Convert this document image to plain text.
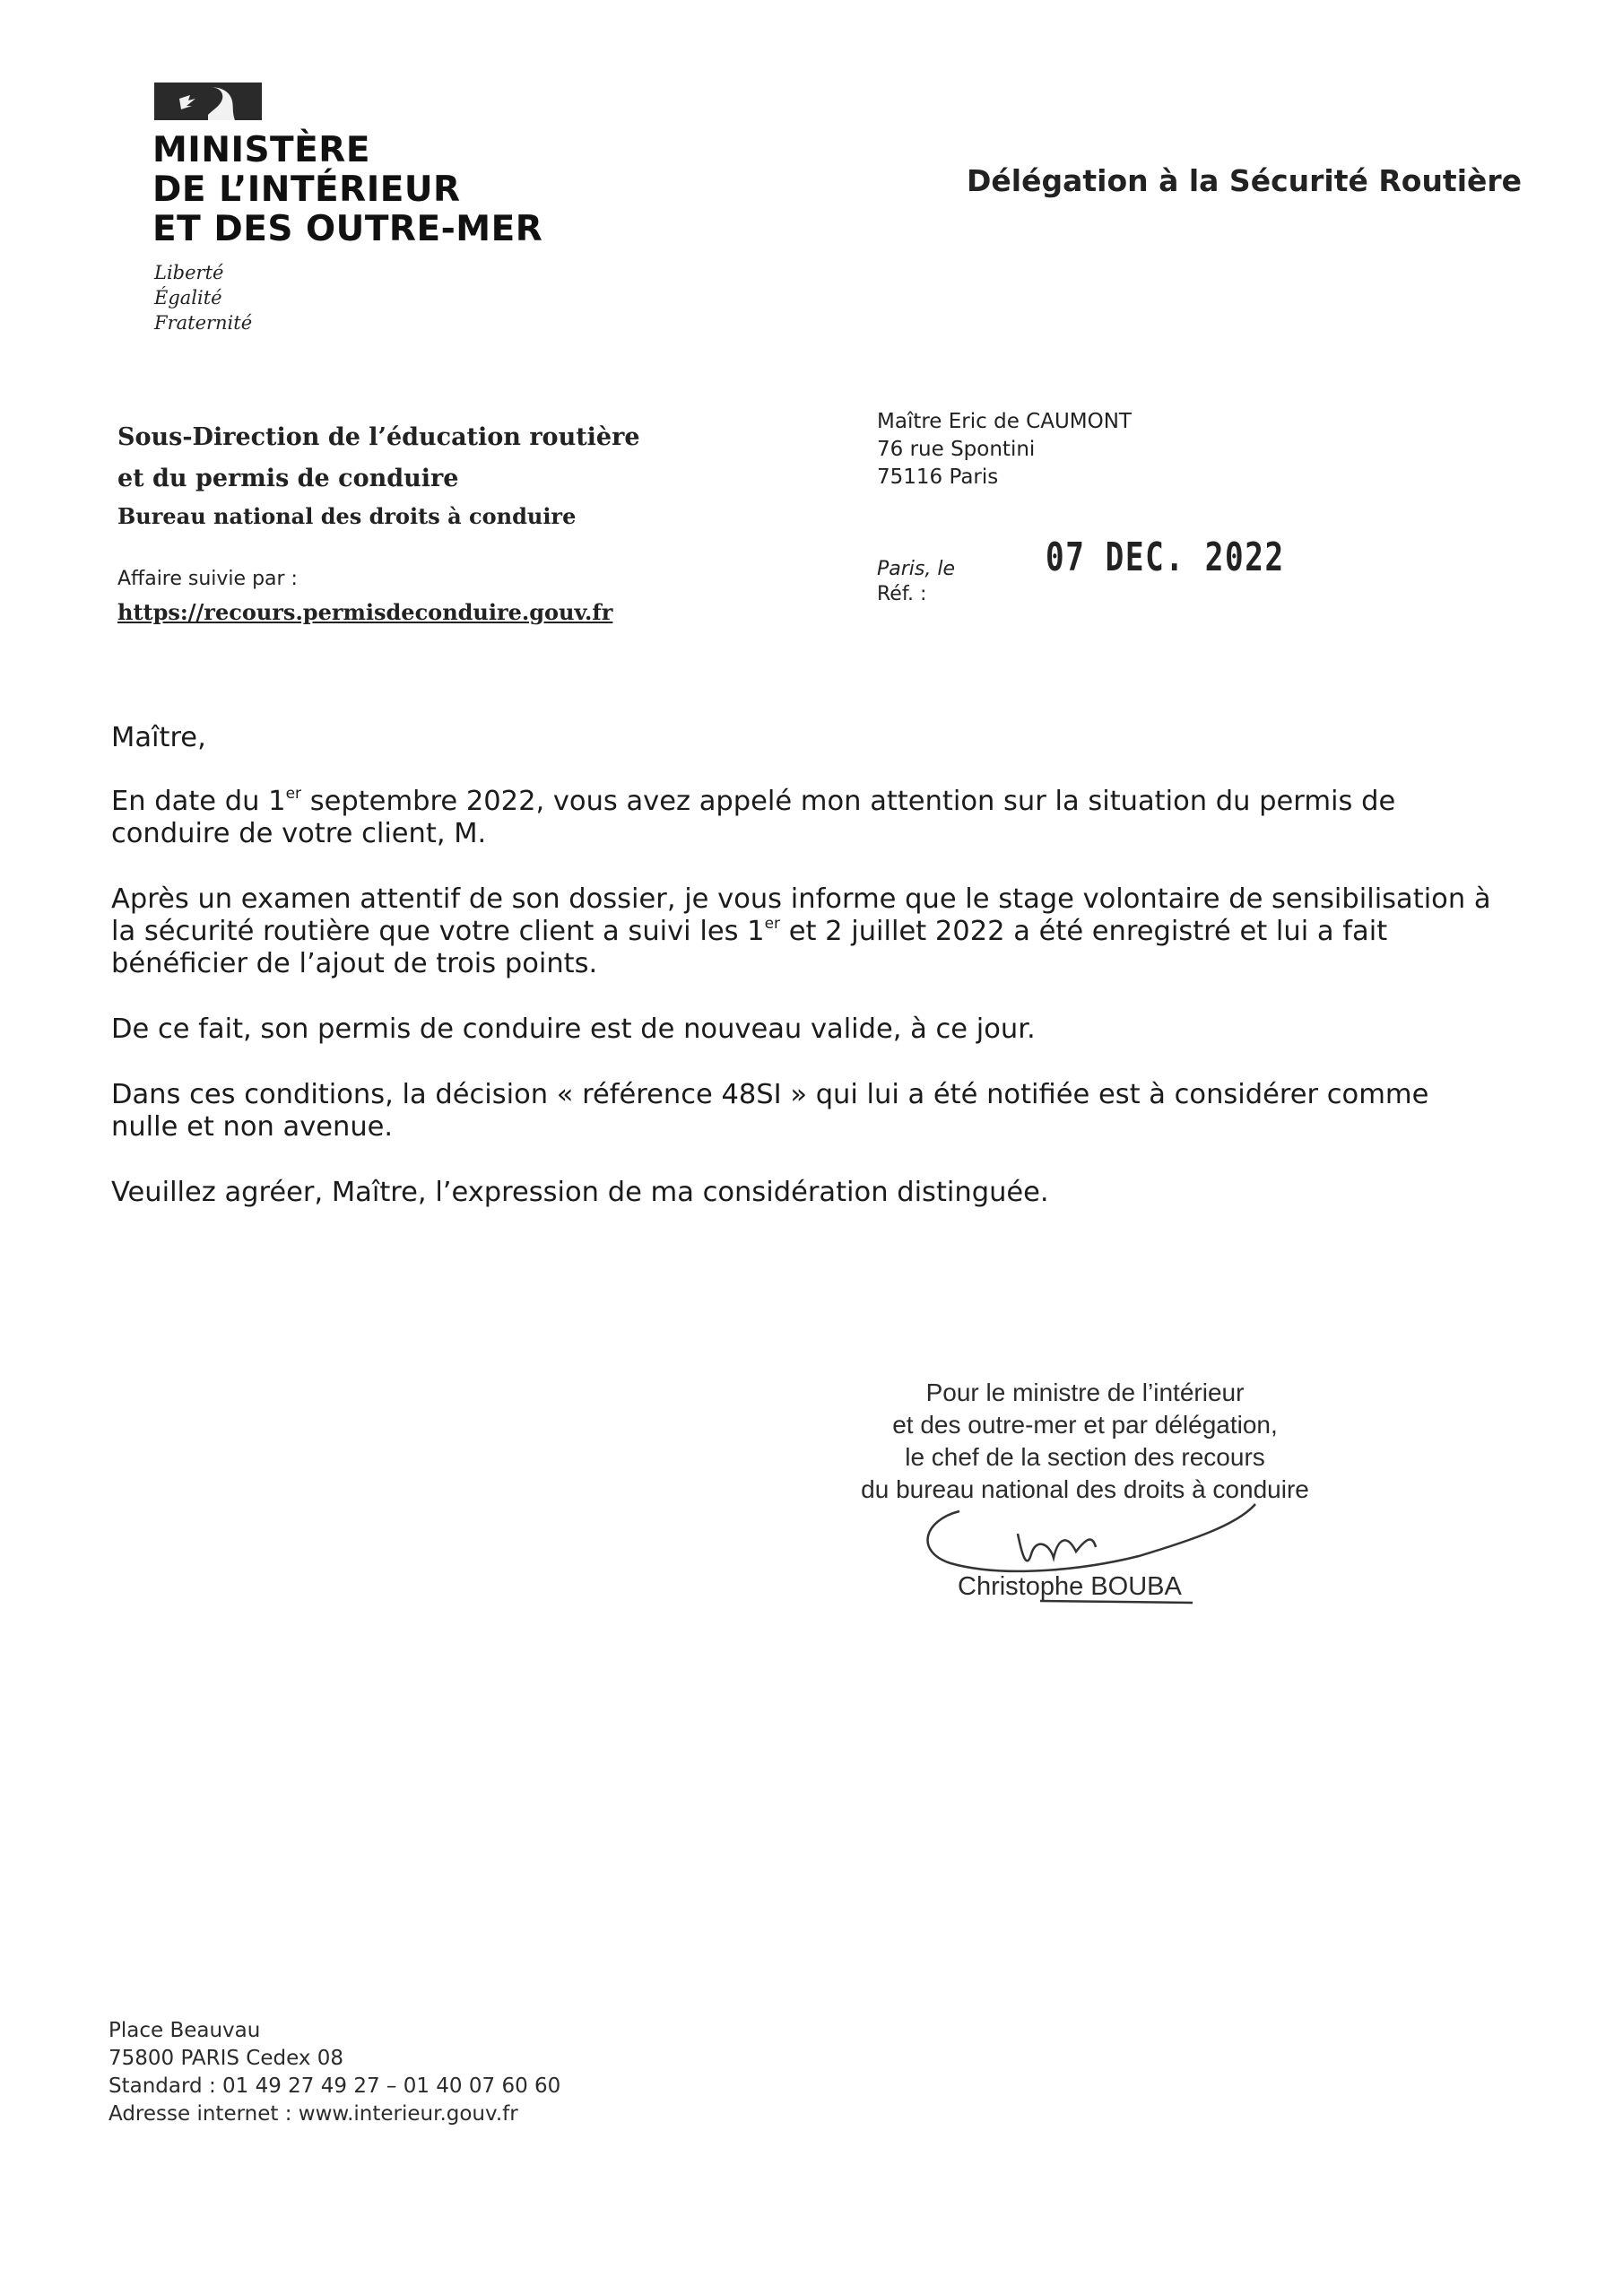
MINISTÈRE
DE L’INTÉRIEUR
ET DES OUTRE-MER
Liberté
Égalité
Fraternité
Délégation à la Sécurité Routière
Sous-Direction de l’éducation routière
et du permis de conduire
Bureau national des droits à conduire
Affaire suivie par :
https://recours.permisdeconduire.gouv.fr
Maître Eric de CAUMONT
76 rue Spontini
75116 Paris
Paris, le
Réf. :
07 DEC. 2022

Maître,

En date du 1er septembre 2022, vous avez appelé mon attention sur la situation du permis de conduire de votre client, M.

Après un examen attentif de son dossier, je vous informe que le stage volontaire de sensibilisation à la sécurité routière que votre client a suivi les 1er et 2 juillet 2022 a été enregistré et lui a fait bénéficier de l’ajout de trois points.

De ce fait, son permis de conduire est de nouveau valide, à ce jour.

Dans ces conditions, la décision « référence 48SI » qui lui a été notifiée est à considérer comme nulle et non avenue.

Veuillez agréer, Maître, l’expression de ma considération distinguée.

Pour le ministre de l’intérieur
et des outre-mer et par délégation,
le chef de la section des recours
du bureau national des droits à conduire
Christophe BOUBA
Place Beauvau
75800 PARIS Cedex 08
Standard : 01 49 27 49 27 – 01 40 07 60 60
Adresse internet : www.interieur.gouv.fr
